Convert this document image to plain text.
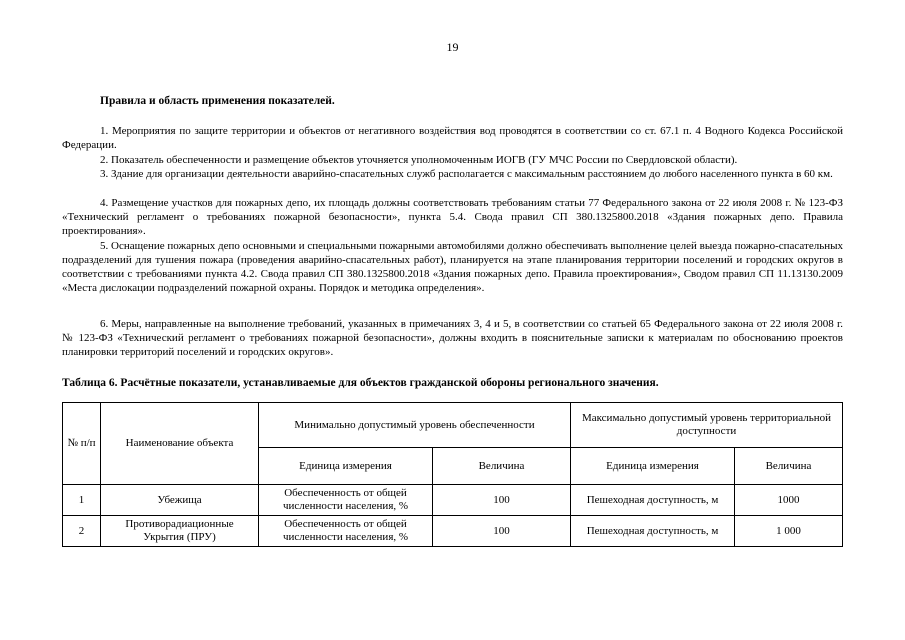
19
Правила и область применения показателей.

1. Мероприятия по защите территории и объектов от негативного воздействия вод проводятся в соответствии со ст. 67.1 п. 4 Водного Кодекса Российской Федерации.

2. Показатель обеспеченности и размещение объектов уточняется уполномоченным ИОГВ (ГУ МЧС России по Свердловской области).

3. Здание для организации деятельности аварийно-спасательных служб располагается с максимальным расстоянием до любого населенного пункта в 60 км.

4. Размещение участков для пожарных депо, их площадь должны соответствовать требованиям статьи 77 Федерального закона от 22 июля 2008 г. № 123-ФЗ «Технический регламент о требованиях пожарной безопасности», пункта 5.4. Свода правил СП 380.1325800.2018 «Здания пожарных депо. Правила проектирования».

5. Оснащение пожарных депо основными и специальными пожарными автомобилями должно обеспечивать выполнение целей выезда пожарно-спасательных подразделений для тушения пожара (проведения аварийно-спасательных работ), планируется на этапе планирования территории поселений и городских округов в соответствии с требованиями пункта 4.2. Свода правил СП 380.1325800.2018 «Здания пожарных депо. Правила проектирования», Сводом правил СП 11.13130.2009 «Места дислокации подразделений пожарной охраны. Порядок и методика определения».

6. Меры, направленные на выполнение требований, указанных в примечаниях 3, 4 и 5, в соответствии со статьей 65 Федерального закона от 22 июля 2008 г. № 123-ФЗ «Технический регламент о требованиях пожарной безопасности», должны входить в пояснительные записки к материалам по обоснованию проектов планировки территорий поселений и городских округов».

Таблица 6. Расчётные показатели, устанавливаемые для объектов гражданской обороны регионального значения.
№ п/п	Наименование объекта	Минимально допустимый уровень обеспеченности		Максимально допустимый уровень территориальной доступности	
		Единица измерения	Величина	Единица измерения	Величина
1	Убежища	Обеспеченность от общей численности населения, %	100	Пешеходная доступность, м	1000
2	Противорадиационные Укрытия (ПРУ)	Обеспеченность от общей численности населения, %	100	Пешеходная доступность, м	1 000
